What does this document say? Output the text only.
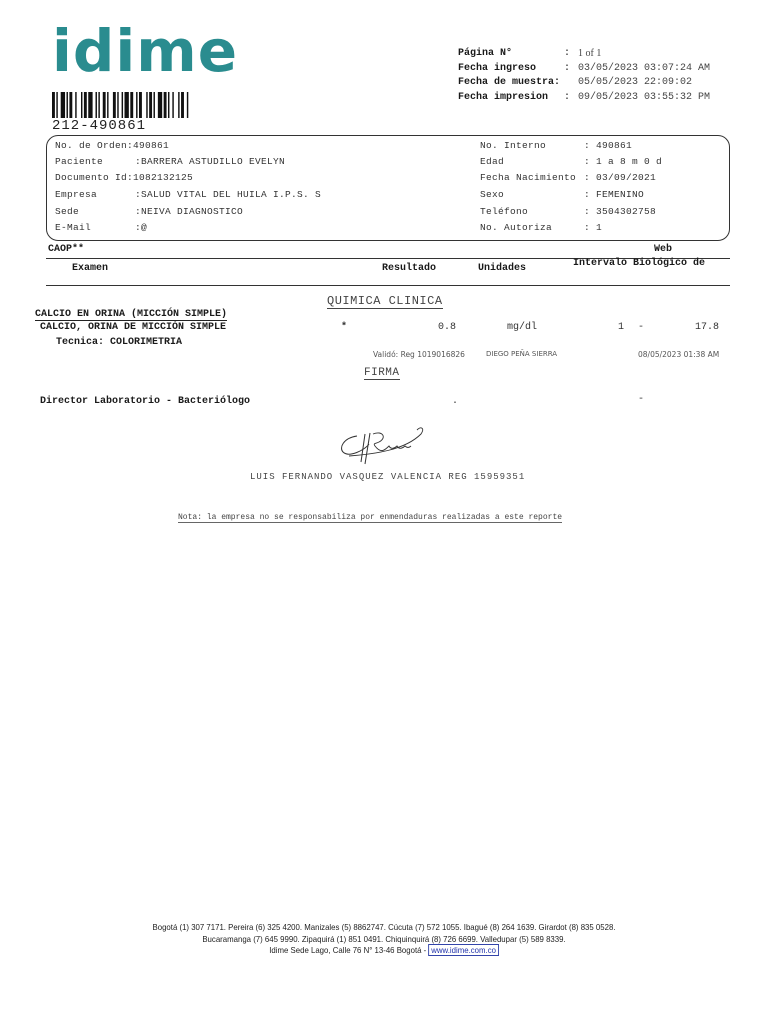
idime
212-490861
Página N°	: 1 of 1
Fecha ingreso	: 03/05/2023 03:07:24 AM
Fecha de muestra:	05/05/2023 22:09:02
Fecha impresion	: 09/05/2023 03:55:32 PM
No. de Orden:490861
Paciente	:BARRERA ASTUDILLO EVELYN
Documento Id:1082132125
Empresa	:SALUD VITAL DEL HUILA I.P.S. S
Sede	:NEIVA DIAGNOSTICO
E-Mail	:@
No. Interno	: 490861
Edad	: 1 a 8 m 0 d
Fecha Nacimiento : 03/09/2021
Sexo	: FEMENINO
Teléfono	: 3504302758
No. Autoriza	: 1
CAOP**	Web
Examen	Resultado	Unidades	Intervalo Biológico de
QUIMICA CLINICA
CALCIO EN ORINA (MICCIÓN SIMPLE)
CALCIO, ORINA DE MICCIÓN SIMPLE	*	0.8	mg/dl	1 -	17.8
Tecnica: COLORIMETRIA
Validó: Reg 1019016826	DIEGO PEÑA SIERRA	08/05/2023 01:38 AM
FIRMA
Director Laboratorio - Bacteriólogo	.	-
LUIS FERNANDO VASQUEZ VALENCIA REG 15959351
Nota: la empresa no se responsabiliza por enmendaduras realizadas a este reporte
Bogotá (1) 307 7171. Pereira (6) 325 4200. Manizales (5) 8862747. Cúcuta (7) 572 1055. Ibagué (8) 264 1639. Girardot (8) 835 0528.
Bucaramanga (7) 645 9990. Zipaquirá (1) 851 0491. Chiquinquirá (8) 726 6699. Valledupar (5) 589 8339.
Idime Sede Lago, Calle 76 N° 13-46 Bogotá - www.idime.com.co
